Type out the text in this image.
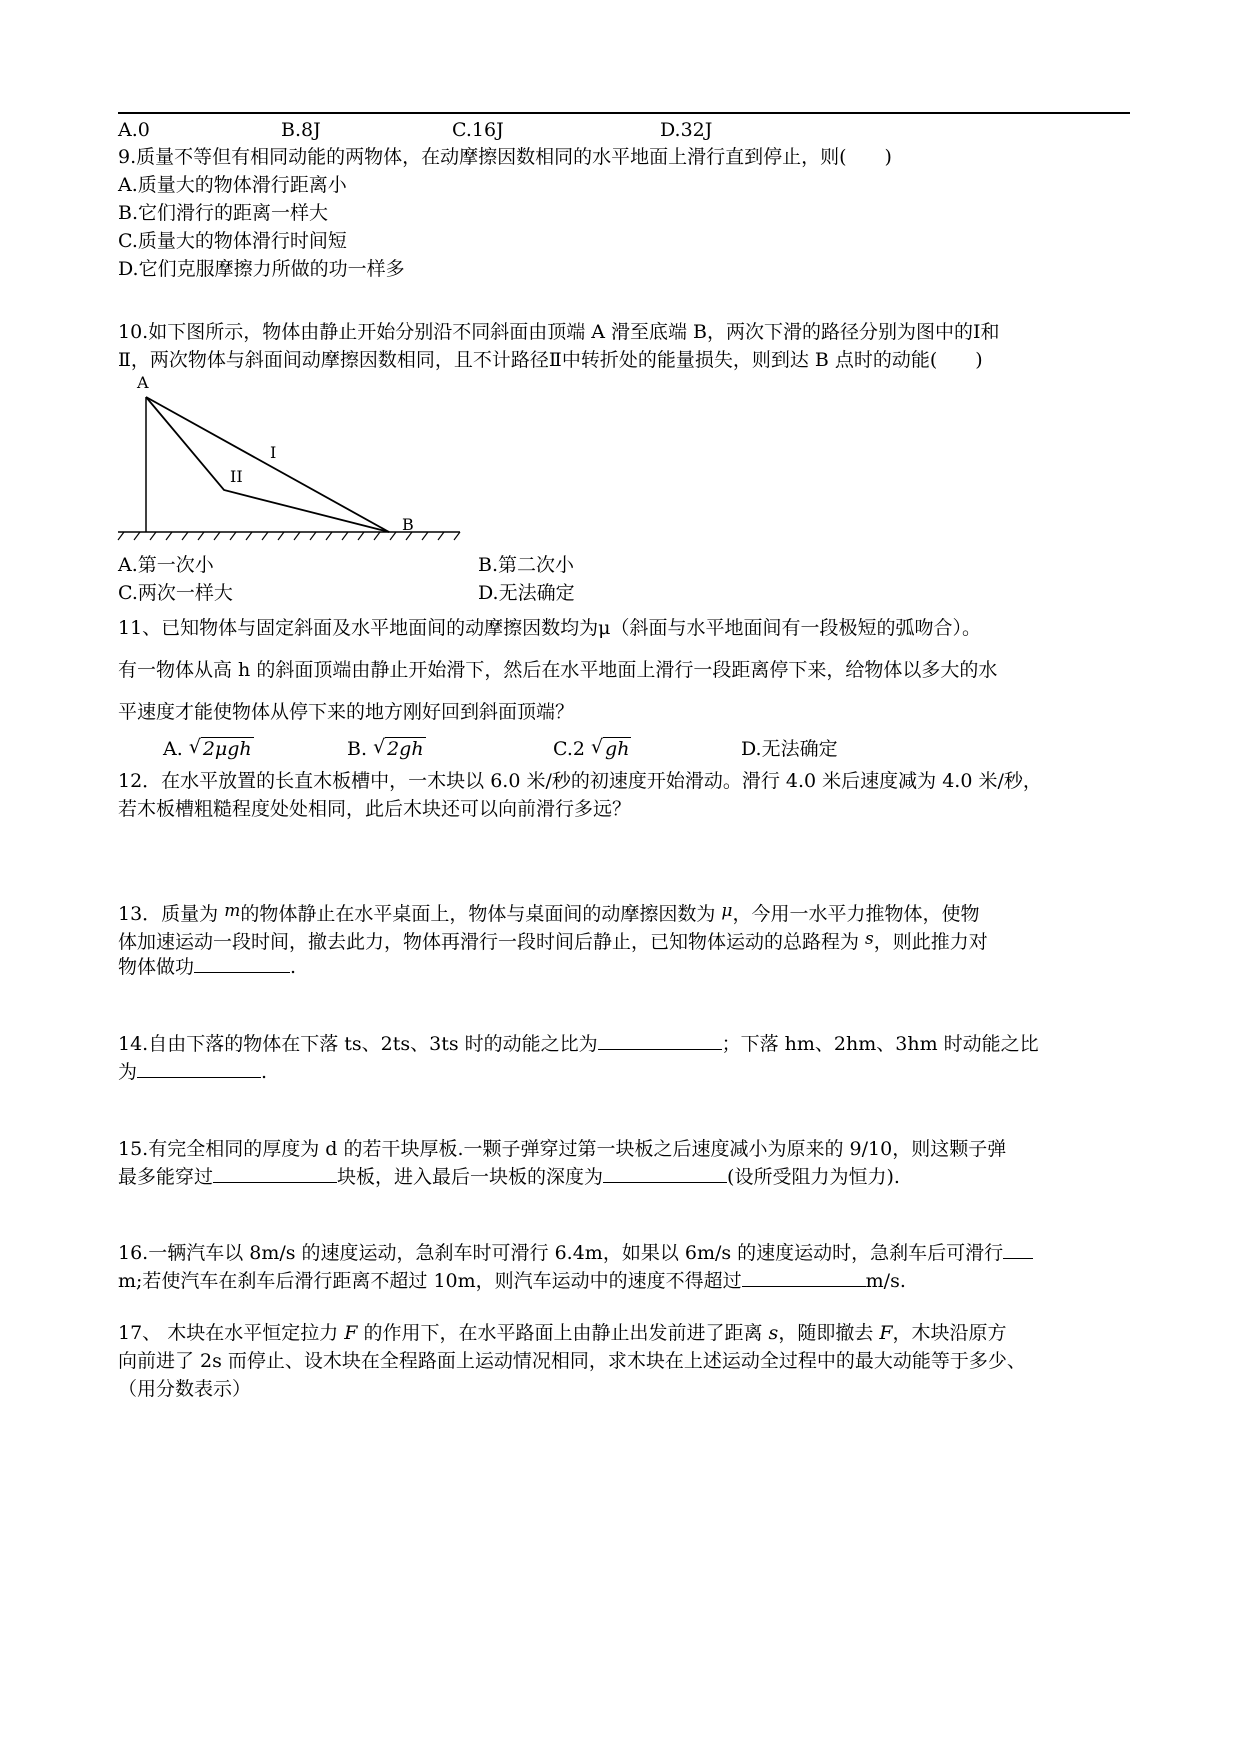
A.0	B.8J	C.16J	D.32J
9.质量不等但有相同动能的两物体，在动摩擦因数相同的水平地面上滑行直到停止，则(　　)
A.质量大的物体滑行距离小
B.它们滑行的距离一样大
C.质量大的物体滑行时间短
D.它们克服摩擦力所做的功一样多
10.如下图所示，物体由静止开始分别沿不同斜面由顶端 A 滑至底端 B，两次下滑的路径分别为图中的Ⅰ和
Ⅱ，两次物体与斜面间动摩擦因数相同，且不计路径Ⅱ中转折处的能量损失，则到达 B 点时的动能(　　)
A
I
II
B
A.第一次小	B.第二次小
C.两次一样大	D.无法确定
11、已知物体与固定斜面及水平地面间的动摩擦因数均为μ（斜面与水平地面间有一段极短的弧吻合）。
有一物体从高 h 的斜面顶端由静止开始滑下，然后在水平地面上滑行一段距离停下来，给物体以多大的水
平速度才能使物体从停下来的地方刚好回到斜面顶端？
A. √ 2μgh	B. √ 2gh	C.2 √ gh	D.无法确定
12．在水平放置的长直木板槽中，一木块以 6.0 米/秒的初速度开始滑动。滑行 4.0 米后速度减为 4.0 米/秒，
若木板槽粗糙程度处处相同，此后木块还可以向前滑行多远？
13．质量为 m的物体静止在水平桌面上，物体与桌面间的动摩擦因数为 μ，今用一水平力推物体，使物
体加速运动一段时间，撤去此力，物体再滑行一段时间后静止，已知物体运动的总路程为 s，则此推力对
物体做功	.
14.自由下落的物体在下落 ts、2ts、3ts 时的动能之比为	；下落 hm、2hm、3hm 时动能之比
为	.
15.有完全相同的厚度为 d 的若干块厚板.一颗子弹穿过第一块板之后速度减小为原来的 9/10，则这颗子弹
最多能穿过	块板，进入最后一块板的深度为	(设所受阻力为恒力).
16.一辆汽车以 8m/s 的速度运动，急刹车时可滑行 6.4m，如果以 6m/s 的速度运动时，急刹车后可滑行
m;若使汽车在刹车后滑行距离不超过 10m，则汽车运动中的速度不得超过	m/s.
17、 木块在水平恒定拉力 F 的作用下，在水平路面上由静止出发前进了距离 s，随即撤去 F，木块沿原方
向前进了 2s 而停止、设木块在全程路面上运动情况相同，求木块在上述运动全过程中的最大动能等于多少、
（用分数表示）
